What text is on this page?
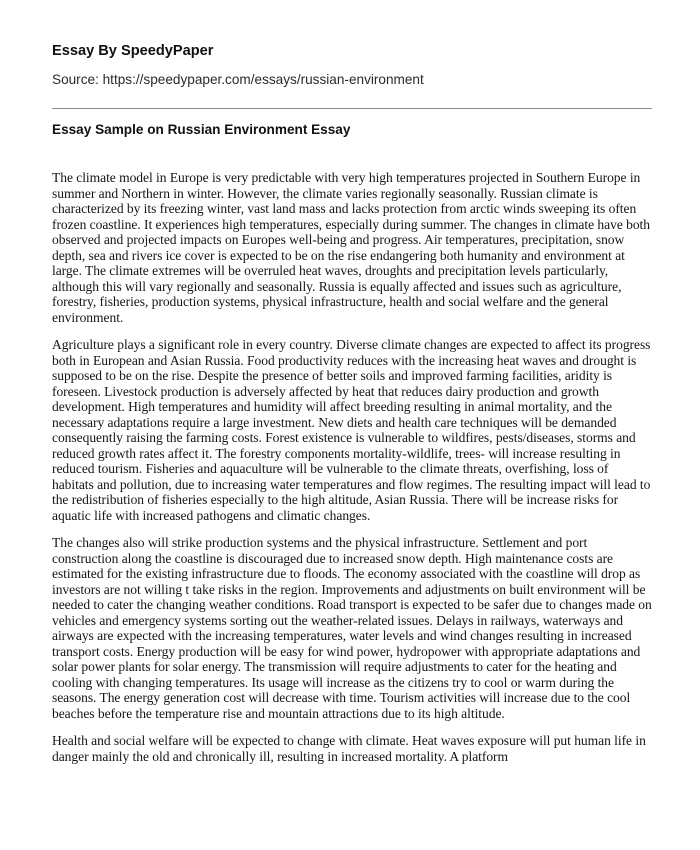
Essay By SpeedyPaper
Source: https://speedypaper.com/essays/russian-environment
Essay Sample on Russian Environment Essay

The climate model in Europe is very predictable with very high temperatures projected in Southern Europe in summer and Northern in winter. However, the climate varies regionally seasonally. Russian climate is characterized by its freezing winter, vast land mass and lacks protection from arctic winds sweeping its often frozen coastline. It experiences high temperatures, especially during summer. The changes in climate have both observed and projected impacts on Europes well-being and progress. Air temperatures, precipitation, snow depth, sea and rivers ice cover is expected to be on the rise endangering both humanity and environment at large. The climate extremes will be overruled heat waves, droughts and precipitation levels particularly, although this will vary regionally and seasonally. Russia is equally affected and issues such as agriculture, forestry, fisheries, production systems, physical infrastructure, health and social welfare and the general environment.

Agriculture plays a significant role in every country. Diverse climate changes are expected to affect its progress both in European and Asian Russia. Food productivity reduces with the increasing heat waves and drought is supposed to be on the rise. Despite the presence of better soils and improved farming facilities, aridity is foreseen. Livestock production is adversely affected by heat that reduces dairy production and growth development. High temperatures and humidity will affect breeding resulting in animal mortality, and the necessary adaptations require a large investment. New diets and health care techniques will be demanded consequently raising the farming costs. Forest existence is vulnerable to wildfires, pests/diseases, storms and reduced growth rates affect it. The forestry components mortality-wildlife, trees- will increase resulting in reduced tourism. Fisheries and aquaculture will be vulnerable to the climate threats, overfishing, loss of habitats and pollution, due to increasing water temperatures and flow regimes. The resulting impact will lead to the redistribution of fisheries especially to the high altitude, Asian Russia. There will be increase risks for aquatic life with increased pathogens and climatic changes.

The changes also will strike production systems and the physical infrastructure. Settlement and port construction along the coastline is discouraged due to increased snow depth. High maintenance costs are estimated for the existing infrastructure due to floods. The economy associated with the coastline will drop as investors are not willing t take risks in the region. Improvements and adjustments on built environment will be needed to cater the changing weather conditions. Road transport is expected to be safer due to changes made on vehicles and emergency systems sorting out the weather-related issues. Delays in railways, waterways and airways are expected with the increasing temperatures, water levels and wind changes resulting in increased transport costs. Energy production will be easy for wind power, hydropower with appropriate adaptations and solar power plants for solar energy. The transmission will require adjustments to cater for the heating and cooling with changing temperatures. Its usage will increase as the citizens try to cool or warm during the seasons. The energy generation cost will decrease with time. Tourism activities will increase due to the cool beaches before the temperature rise and mountain attractions due to its high altitude.

Health and social welfare will be expected to change with climate. Heat waves exposure will put human life in danger mainly the old and chronically ill, resulting in increased mortality. A platform
